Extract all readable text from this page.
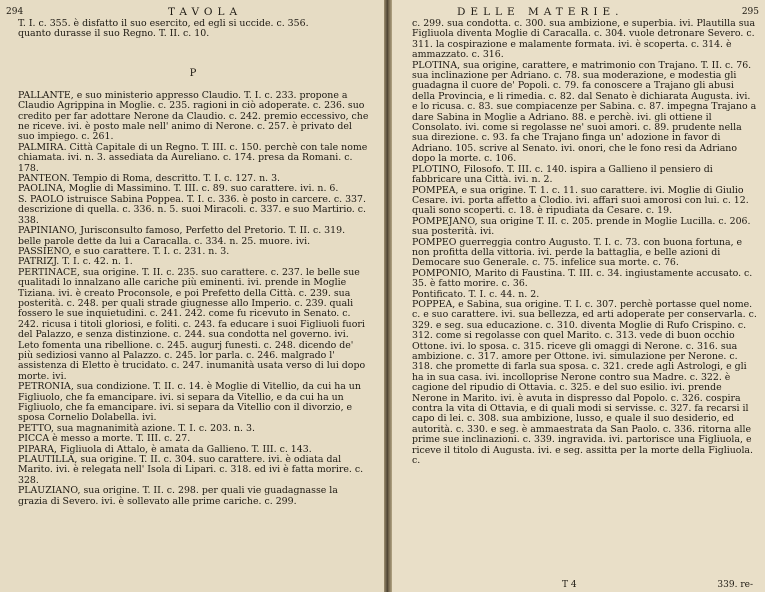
294	TAVOLA

T. I. c. 355. è disfatto il suo esercito, ed egli si uccide. c. 356.

quanto durasse il suo Regno. T. II. c. 10.

P

PALLANTE, e suo ministerio appresso Claudio. T. I. c. 233. propone a Claudio Agrippina in Moglie. c. 235. ragioni in ciò adoperate. c. 236. suo credito per far adottare Nerone da Claudio. c. 242. premio eccessivo, che ne riceve. ivi. è posto male nell' animo di Nerone. c. 257. è privato del suo impiego. c. 261.

PALMIRA. Città Capitale di un Regno. T. III. c. 150. perchè con tale nome chiamata. ivi. n. 3. assediata da Aureliano. c. 174. presa da Romani. c. 178.

PANTEON. Tempio di Roma, descritto. T. I. c. 127. n. 3.

PAOLINA, Moglie di Massimino. T. III. c. 89. suo carattere. ivi. n. 6.

S. PAOLO istruisce Sabina Poppea. T. I. c. 336. è posto in carcere. c. 337. descrizione di quella. c. 336. n. 5. suoi Miracoli. c. 337. e suo Martirio. c. 338.

PAPINIANO, Jurisconsulto famoso, Perfetto del Pretorio. T. II. c. 319. belle parole dette da lui a Caracalla. c. 334. n. 25. muore. ivi.

PASSIENO, e suo carattere. T. I. c. 231. n. 3.

PATRIZJ. T. I. c. 42. n. 1.

PERTINACE, sua origine. T. II. c. 235. suo carattere. c. 237. le belle sue qualitadi lo innalzano alle cariche più eminenti. ivi. prende in Moglie Tiziana. ivi. è creato Proconsole, e poi Prefetto della Città. c. 239. sua posterità. c. 248. per quali strade giugnesse allo Imperio. c. 239. quali fossero le sue inquietudini. c. 241. 242. come fu ricevuto in Senato. c. 242. ricusa i titoli gloriosi, e foliti. c. 243. fa educare i suoi Figliuoli fuori del Palazzo, e senza distinzione. c. 244. sua condotta nel governo. ivi. Leto fomenta una ribellione. c. 245. augurj funesti. c. 248. dicendo de' più sediziosi vanno al Palazzo. c. 245. lor parla. c. 246. malgrado l' assistenza di Eletto è trucidato. c. 247. inumanità usata verso di lui dopo morte. ivi.

PETRONIA, sua condizione. T. II. c. 14. è Moglie di Vitellio, da cui ha un Figliuolo, che fa emancipare. ivi. si separa da Vitellio, e da cui ha un Figliuolo, che fa emancipare. ivi. si separa da Vitellio con il divorzio, e sposa Cornelio Dolabella. ivi.

PETTO, sua magnanimità azione. T. I. c. 203. n. 3.

PICCA è messo a morte. T. III. c. 27.

PIPARA, Figliuola di Attalo, è amata da Gallieno. T. III. c. 143.

PLAUTILLA, sua origine. T. II. c. 304. suo carattere. ivi. è odiata dal Marito. ivi. è relegata nell' Isola di Lipari. c. 318. ed ivi è fatta morire. c. 328.

PLAUZIANO, sua origine. T. II. c. 298. per quali vie guadagnasse la grazia di Severo. ivi. è sollevato alle prime cariche. c. 299.

DELLE MATERIE.	295

c. 299. sua condotta. c. 300. sua ambizione, e superbia. ivi. Plautilla sua Figliuola diventa Moglie di Caracalla. c. 304. vuole detronare Severo. c. 311. la cospirazione e malamente formata. ivi. è scoperta. c. 314. è ammazzato. c. 316.

PLOTINA, sua origine, carattere, e matrimonio con Trajano. T. II. c. 76. sua inclinazione per Adriano. c. 78. sua moderazione, e modestia gli guadagna il cuore de' Popoli. c. 79. fa conoscere a Trajano gli abusi della Provincia, e li rimedia. c. 82. dal Senato è dichiarata Augusta. ivi. e lo ricusa. c. 83. sue compiacenze per Sabina. c. 87. impegna Trajano a dare Sabina in Moglie a Adriano. 88. e perchè. ivi. gli ottiene il Consolato. ivi. come si regolasse ne' suoi amori. c. 89. prudente nella sua direzione. c. 93. fa che Trajano finga un' adozione in favor di Adriano. 105. scrive al Senato. ivi. onori, che le fono resi da Adriano dopo la morte. c. 106.

PLOTINO, Filosofo. T. III. c. 140. ispira a Gallieno il pensiero di fabbricare una Città. ivi. n. 2.

POMPEA, e sua origine. T. 1. c. 11. suo carattere. ivi. Moglie di Giulio Cesare. ivi. porta affetto a Clodio. ivi. affari suoi amorosi con lui. c. 12. quali sono scoperti. c. 18. è ripudiata da Cesare. c. 19.

POMPEJANO, sua origine T. II. c. 205. prende in Moglie Lucilla. c. 206. sua posterità. ivi.

POMPEO guerreggia contro Augusto. T. I. c. 73. con buona fortuna, e non profitta della vittoria. ivi. perde la battaglia, e belle azioni di Democare suo Generale. c. 75. infelice sua morte. c. 76.

POMPONIO, Marito di Faustina. T. III. c. 34. ingiustamente accusato. c. 35. è fatto morire. c. 36.

Pontificato. T. I. c. 44. n. 2.

POPPEA, e Sabina, sua origine. T. I. c. 307. perchè portasse quel nome. c. e suo carattere. ivi. sua bellezza, ed arti adoperate per conservarla. c. 329. e seg. sua educazione. c. 310. diventa Moglie di Rufo Crispino. c. 312. come si regolasse con quel Marito. c. 313. vede di buon occhio Ottone. ivi. lo sposa. c. 315. riceve gli omaggi di Nerone. c. 316. sua ambizione. c. 317. amore per Ottone. ivi. simulazione per Nerone. c. 318. che promette di farla sua sposa. c. 321. crede agli Astrologi, e gli ha in sua casa. ivi. incolloprise Nerone contro sua Madre. c. 322. è cagione del ripudio di Ottavia. c. 325. e del suo esilio. ivi. prende Nerone in Marito. ivi. è avuta in dispresso dal Popolo. c. 326. cospira contra la vita di Ottavia, e di quali modi si servisse. c. 327. fa recarsi il capo di lei. c. 308. sua ambizione, lusso, e quale il suo desiderio, ed autorità. c. 330. e seg. è ammaestrata da San Paolo. c. 336. ritorna alle prime sue inclinazioni. c. 339. ingravida. ivi. partorisce una Figliuola, e riceve il titolo di Augusta. ivi. e seg. assitta per la morte della Figliuola. c.

T 4	339. re-
